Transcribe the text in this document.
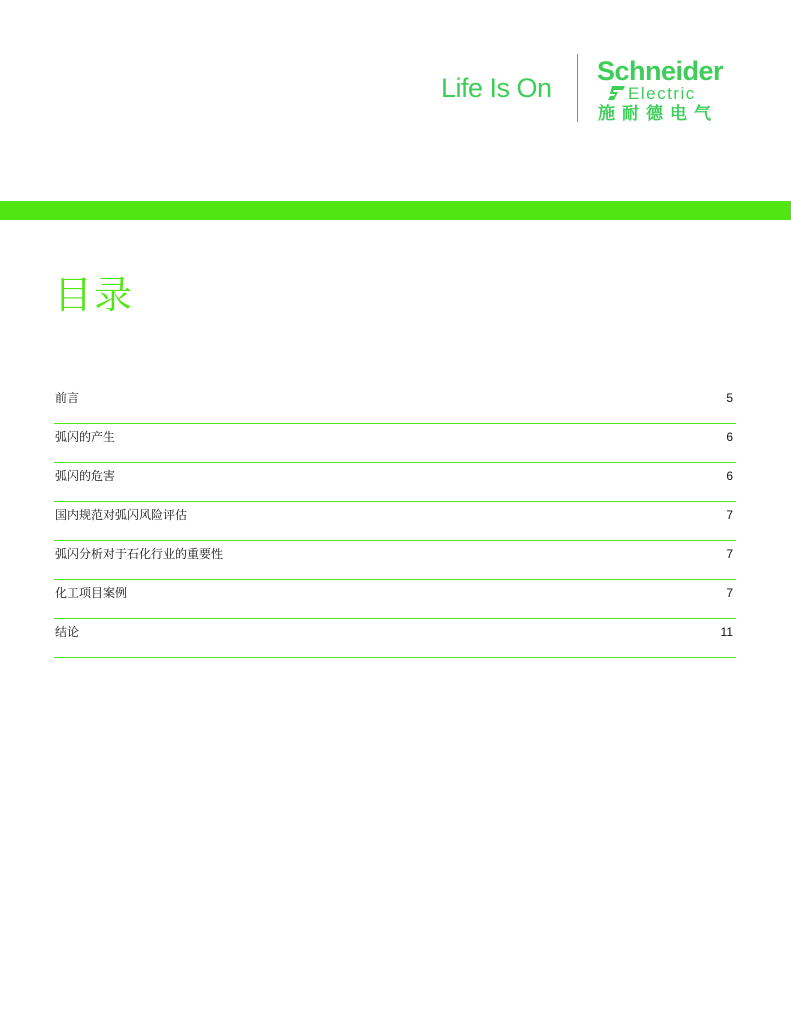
Life Is On
Schneider
Electric
施耐德电气
目录
前言	5
弧闪的产生	6
弧闪的危害	6
国内规范对弧闪风险评估	7
弧闪分析对于石化行业的重要性	7
化工项目案例	7
结论	11
